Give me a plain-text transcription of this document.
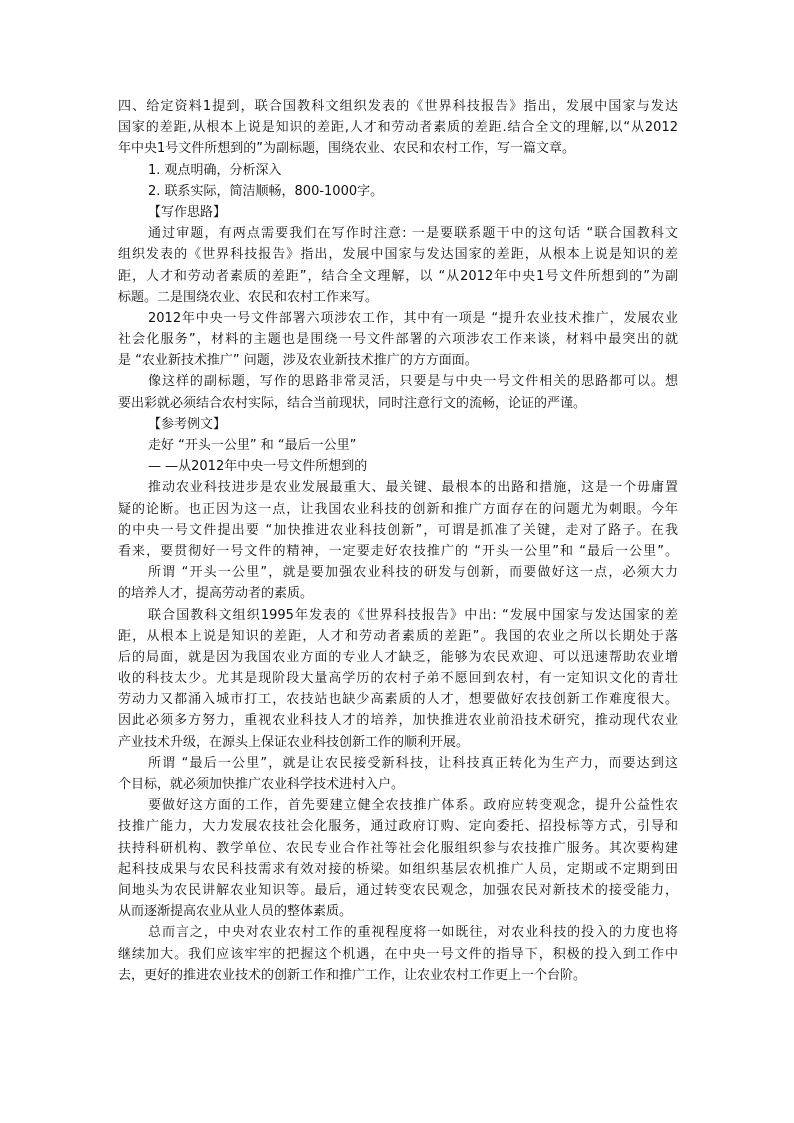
四、给定资料1提到，联合国教科文组织发表的《世界科技报告》指出，发展中国家与发达
国家的差距,从根本上说是知识的差距,人才和劳动者素质的差距.结合全文的理解,以“从2012
年中央1号文件所想到的”为副标题，围绕农业、农民和农村工作，写一篇文章。
1. 观点明确，分析深入
2. 联系实际，简洁顺畅，800-1000字。
【写作思路】
通过审题，有两点需要我们在写作时注意: 一是要联系题干中的这句话 “联合国教科文
组织发表的《世界科技报告》指出，发展中国家与发达国家的差距，从根本上说是知识的差
距，人才和劳动者素质的差距”，结合全文理解，以 “从2012年中央1号文件所想到的”为副
标题。二是围绕农业、农民和农村工作来写。
2012年中央一号文件部署六项涉农工作，其中有一项是 “提升农业技术推广，发展农业
社会化服务”，材料的主题也是围绕一号文件部署的六项涉农工作来谈，材料中最突出的就
是 “农业新技术推广” 问题，涉及农业新技术推广的方方面面。
像这样的副标题，写作的思路非常灵活，只要是与中央一号文件相关的思路都可以。想
要出彩就必须结合农村实际，结合当前现状，同时注意行文的流畅，论证的严谨。
【参考例文】
走好 “开头一公里” 和 “最后一公里”
— —从2012年中央一号文件所想到的
推动农业科技进步是农业发展最重大、最关键、最根本的出路和措施，这是一个毋庸置
疑的论断。也正因为这一点，让我国农业科技的创新和推广方面存在的问题尤为刺眼。今年
的中央一号文件提出要 “加快推进农业科技创新”，可谓是抓准了关键，走对了路子。在我
看来，要贯彻好一号文件的精神，一定要走好农技推广的 “开头一公里”和 “最后一公里”。
所谓 “开头一公里”，就是要加强农业科技的研发与创新，而要做好这一点，必须大力
的培养人才，提高劳动者的素质。
联合国教科文组织1995年发表的《世界科技报告》中出: “发展中国家与发达国家的差
距，从根本上说是知识的差距，人才和劳动者素质的差距”。我国的农业之所以长期处于落
后的局面，就是因为我国农业方面的专业人才缺乏，能够为农民欢迎、可以迅速帮助农业增
收的科技太少。尤其是现阶段大量高学历的农村子弟不愿回到农村，有一定知识文化的青壮
劳动力又都涌入城市打工，农技站也缺少高素质的人才，想要做好农技创新工作难度很大。
因此必须多方努力，重视农业科技人才的培养，加快推进农业前沿技术研究，推动现代农业
产业技术升级，在源头上保证农业科技创新工作的顺利开展。
所谓 “最后一公里”，就是让农民接受新科技，让科技真正转化为生产力，而要达到这
个目标，就必须加快推广农业科学技术进村入户。
要做好这方面的工作，首先要建立健全农技推广体系。政府应转变观念，提升公益性农
技推广能力，大力发展农技社会化服务，通过政府订购、定向委托、招投标等方式，引导和
扶持科研机构、教学单位、农民专业合作社等社会化服组织参与农技推广服务。其次要构建
起科技成果与农民科技需求有效对接的桥梁。如组织基层农机推广人员，定期或不定期到田
间地头为农民讲解农业知识等。最后，通过转变农民观念，加强农民对新技术的接受能力，
从而逐渐提高农业从业人员的整体素质。
总而言之，中央对农业农村工作的重视程度将一如既往，对农业科技的投入的力度也将
继续加大。我们应该牢牢的把握这个机遇，在中央一号文件的指导下，积极的投入到工作中
去，更好的推进农业技术的创新工作和推广工作，让农业农村工作更上一个台阶。
